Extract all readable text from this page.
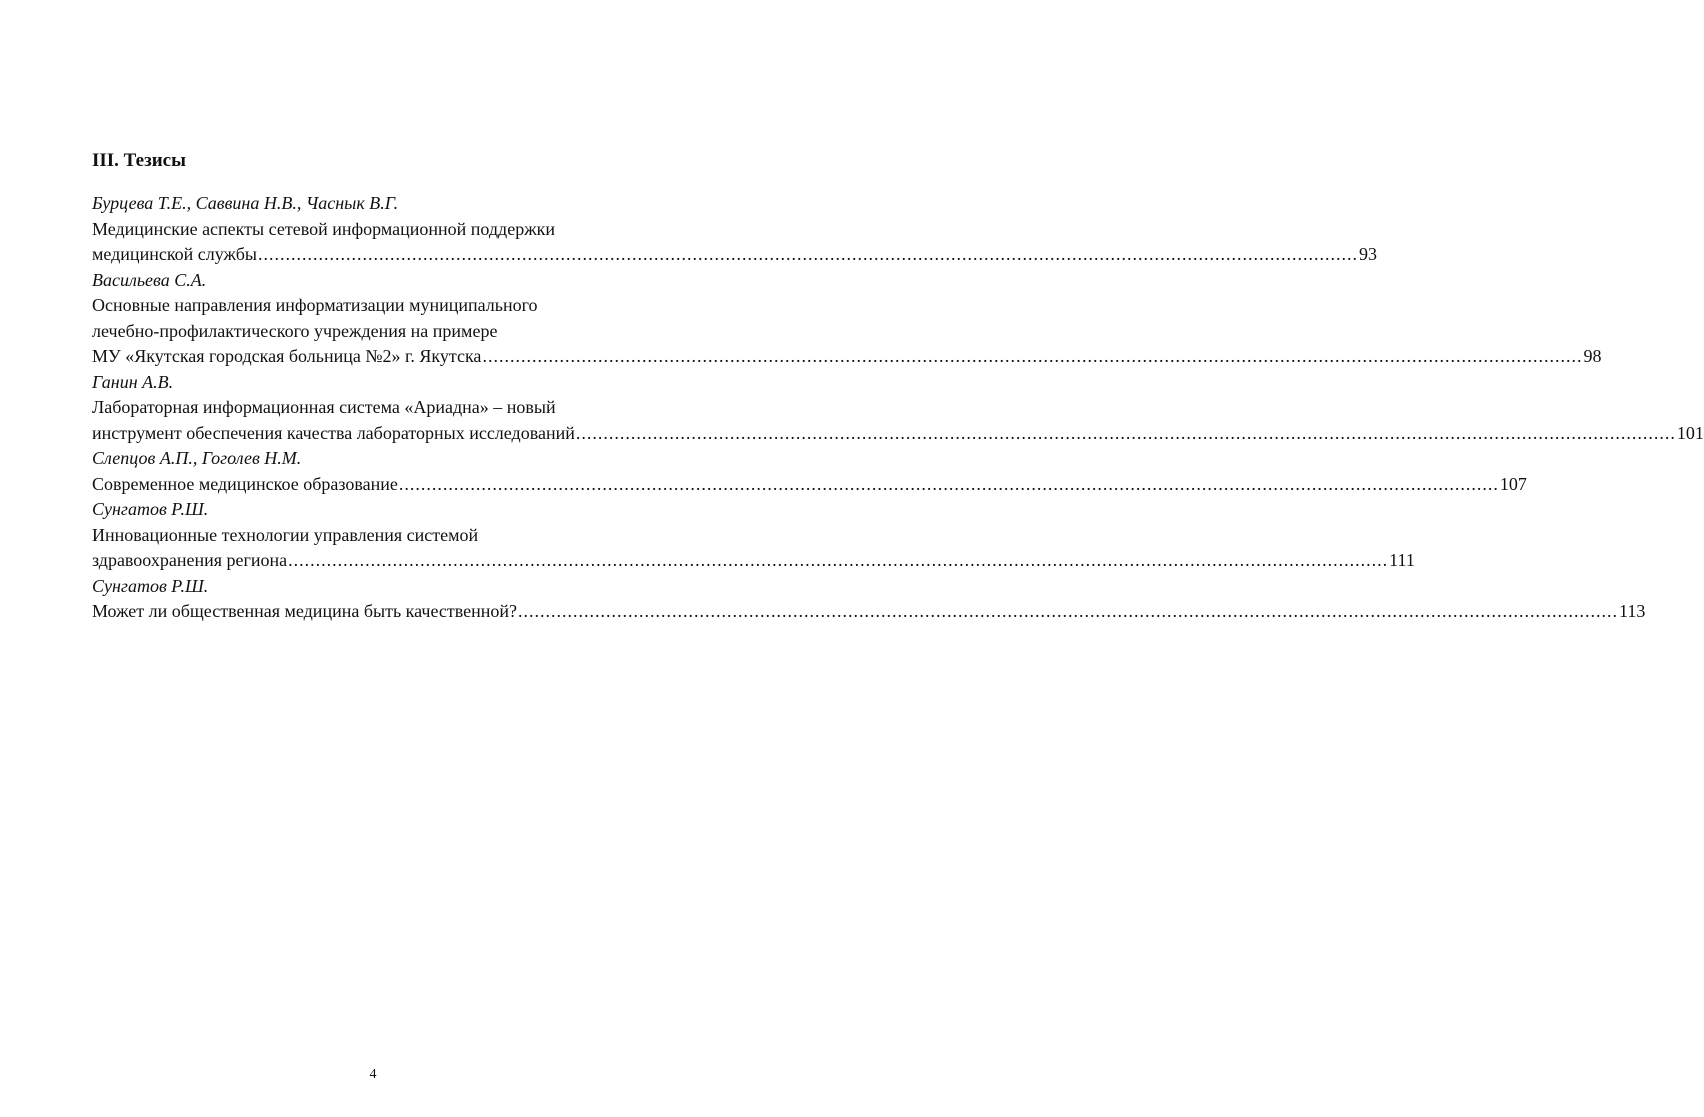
III. Тезисы
Бурцева Т.Е., Саввина Н.В., Часнык В.Г.
Медицинские аспекты сетевой информационной поддержки
медицинской службы ........................................................................................................................................................................................................ 93
Васильева С.А.
Основные направления информатизации муниципального
лечебно-профилактического учреждения на примере
МУ «Якутская городская больница №2» г. Якутска ........................................................................................................................................................................................................ 98
Ганин А.В.
Лабораторная информационная система «Ариадна» – новый
инструмент обеспечения качества лабораторных исследований ........................................................................................................................................................................................................ 101
Слепцов А.П., Гоголев Н.М.
Современное медицинское образование ........................................................................................................................................................................................................ 107
Сунгатов Р.Ш.
Инновационные технологии управления системой
здравоохранения региона ........................................................................................................................................................................................................ 111
Сунгатов Р.Ш.
Может ли общественная медицина быть качественной? ........................................................................................................................................................................................................ 113
4
